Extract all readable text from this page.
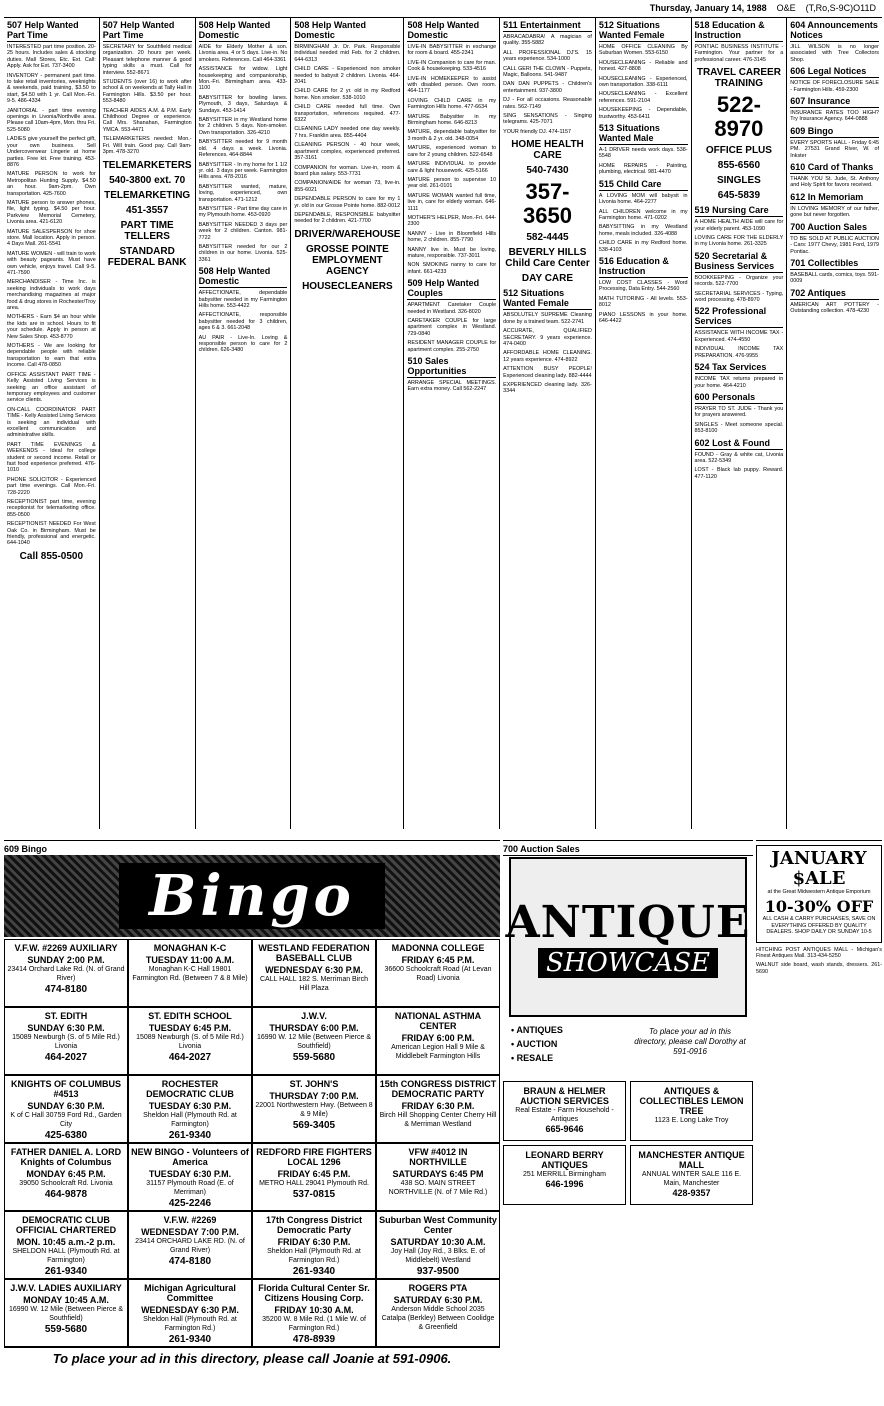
Thursday, January 14, 1988 O&E (T,Ro,S-9C)O11D
507 Help Wanted Part Time
INTERESTED part time position. 20-25 hours. Includes sales & stocking duties. Mall Stores, Etc. Ext. Call: Apply. Ask for Ext. 737-3400
INVENTORY - permanent part time. to take retail inventories, weeknights & weekends, paid training, $3.50 to start, $4.50 with 1 yr. Call Mon.-Fri. 9-5. 486-4334
JANITORIAL - part time evening openings in Livonia/Northville area. Please call 10am-4pm, Mon. thru Fri. 525-5080
LADIES give yourself the perfect gift, your own business. Sell Undercoverwear Lingerie at home parties. Free kit. Free training. 453-8876
MATURE PERSON to work for Metropolitan Hunting Supply. $4.50 an hour. 9am-2pm. Own transportation. 425-7600
MATURE person to answer phones, file, light typing. $4.50 per hour. Parkview Memorial Cemetery, Livonia area. 421-6120
MATURE SALESPERSON for shoe store. Mall location. Apply in person. 4 Days Mall. 261-5541
MATURE WOMEN - will train to work with beauty pageants. Must have own vehicle, enjoys travel. Call 9-5. 471-7590
MERCHANDISER - Time Inc. is seeking individuals to work days merchandising magazines at major food & drug stores in Rochester/Troy area.
MOTHERS - Earn $4 an hour while the kids are in school. Hours to fit your schedule. Apply in person at New Sales Shop. 453-8770
MOTHERS - We are looking for dependable people with reliable transportation to earn that extra income. Call 478-0850
OFFICE ASSISTANT PART TIME - Kelly Assisted Living Services is seeking an office assistant of temporary employees and customer service clients.
ON-CALL COORDINATOR PART TIME - Kelly Assisted Living Services is seeking an individual with excellent communication and administrative skills.
PART TIME EVENINGS & WEEKENDS - Ideal for college student or second income. Retail or fast food experience preferred. 476-1010
PHONE SOLICITOR - Experienced part time evenings. Call Mon.-Fri. 728-2220
RECEPTIONIST part time, evening receptionist for telemarketing office. 855-0500
RECEPTIONIST NEEDED For West Oak Co. in Birmingham. Must be friendly, professional and energetic. 644-1040
Call 855-0500
507 Help Wanted Part Time
SECRETARY for Southfield medical organization. 20 hours per week. Pleasant telephone manner & good typing skills a must. Call for interview. 552-8671
STUDENTS (over 16) to work after school & on weekends at Tally Hall in Farmington Hills. $3.50 per hour. 553-8480
TEACHER AIDES A.M. & P.M. Early Childhood Degree or experience. Call Mrs. Shanahan, Farmington YMCA. 553-4471
TELEMARKETERS needed: Mon.-Fri. Will train. Good pay. Call 9am-3pm. 478-3270
TELEMARKETERS
540-3800 ext. 70
TELEMARKETING
451-3557
PART TIME TELLERS
STANDARD FEDERAL BANK
508 Help Wanted Domestic
AIDE for Elderly Mother & son. Livonia area. 4 or 5 days. Live-in. No smokers. References. Call 464-3361
ASSISTANCE for widow. Light housekeeping and companionship, Mon.-Fri. Birmingham area. 433-1100
BABYSITTER for bowling lanes. Plymouth, 3 days, Saturdays & Sundays. 453-1414
BABYSITTER in my Westland home for 2 children. 5 days. Non-smoker. Own transportation. 326-4210
BABYSITTER needed for 9 month old. 4 days a week. Livonia. References. 464-8844
BABYSITTER - In my home for 1 1/2 yr. old. 3 days per week. Farmington Hills area. 478-2016
BABYSITTER wanted, mature, loving, experienced, own transportation. 471-1212
BABYSITTER - Part time day care in my Plymouth home. 453-0920
BABYSITTER NEEDED 3 days per week for 2 children. Canton. 981-7722
BABYSITTER needed for our 2 children in our home. Livonia. 525-3361
508 Help Wanted Domestic
AFFECTIONATE, dependable babysitter needed in my Farmington Hills home. 553-4422
AFFECTIONATE, responsible babysitter needed for 3 children, ages 6 & 3. 661-2048
AU PAIR - Live-In. Loving & responsible person to care for 2 children. 626-3480
508 Help Wanted Domestic
BIRMINGHAM Jr. Dr. Park. Responsible individual needed mid Feb. for 2 children. 644-6313
CHILD CARE - Experienced non smoker needed to babysit 2 children. Livonia. 464-2041
CHILD CARE for 2 yr. old in my Redford home. Non smoker. 538-1010
CHILD CARE needed full time. Own transportation, references required. 477-6322
CLEANING LADY needed one day weekly. 7 hrs. Franklin area. 855-4404
CLEANING PERSON - 40 hour week, apartment complex, experienced preferred. 357-3161
COMPANION for woman. Live-in, room & board plus salary. 553-7731
COMPANION/AIDE for woman 73, live-in. 855-6021
DEPENDABLE PERSON to care for my 1 yr. old in our Grosse Pointe home. 882-0012
DEPENDABLE, RESPONSIBLE babysitter needed for 2 children. 421-7700
DRIVER/WAREHOUSE
GROSSE POINTE EMPLOYMENT AGENCY
HOUSECLEANERS
508 Help Wanted Domestic
LIVE-IN BABYSITTER in exchange for room & board. 455-2341
LIVE-IN Companion to care for man. Cook & housekeeping. 533-4516
LIVE-IN HOMEKEEPER to assist with disabled person. Own room. 464-1177
LOVING CHILD CARE in my Farmington Hills home. 477-6634
MATURE Babysitter in my Birmingham home. 646-8213
MATURE, dependable babysitter for 3 month & 2 yr. old. 348-0054
MATURE, experienced woman to care for 2 young children. 522-6548
MATURE INDIVIDUAL to provide care & light housework. 425-5166
MATURE person to supervise 10 year old. 261-0101
MATURE WOMAN wanted full time, live in, care for elderly woman. 646-1111
MOTHER'S HELPER, Mon.-Fri. 644-2300
NANNY - Live in Bloomfield Hills home, 2 children. 855-7790
NANNY live in. Must be loving, mature, responsible. 737-3011
NON SMOKING nanny to care for infant. 661-4233
509 Help Wanted Couples
APARTMENT Caretaker Couple needed in Westland. 326-8020
CARETAKER COUPLE for large apartment complex in Westland. 729-0840
RESIDENT MANAGER COUPLE for apartment complex. 255-2750
510 Sales Opportunities
ARRANGE SPECIAL MEETINGS. Earn extra money. Call 562-2247
511 Entertainment
ABRACADABRA! A magician of quality. 355-5882
ALL PROFESSIONAL DJ'S. 15 years experience. 534-1000
CALL GERI THE CLOWN - Puppets, Magic, Balloons. 541-9487
DAN DAN PUPPETS - Children's entertainment. 937-3800
DJ - For all occasions. Reasonable rates. 562-7149
SING SENSATIONS - Singing telegrams. 425-7071
YOUR friendly DJ. 474-1157
HOME HEALTH CARE
540-7430
357-3650
582-4445
BEVERLY HILLS Child Care Center
DAY CARE
512 Situations Wanted Female
ABSOLUTELY SUPREME Cleaning done by a trained team. 522-2741
ACCURATE, QUALIFIED SECRETARY. 9 years experience. 474-0400
AFFORDABLE HOME CLEANING. 12 years experience. 474-8922
ATTENTION BUSY PEOPLE! Experienced cleaning lady. 882-4444
EXPERIENCED cleaning lady. 326-3344
512 Situations Wanted Female
HOME OFFICE CLEANING By Suburban Women. 553-6150
HOUSECLEANING - Reliable and honest. 427-8808
HOUSECLEANING - Experienced, own transportation. 338-6111
HOUSECLEANING - Excellent references. 591-2104
HOUSEKEEPING - Dependable, trustworthy. 453-6411
513 Situations Wanted Male
A-1 DRIVER needs work days. 538-5548
HOME REPAIRS - Painting, plumbing, electrical. 981-4470
515 Child Care
A LOVING MOM will babysit in Livonia home. 464-2277
ALL CHILDREN welcome in my Farmington home. 471-0202
BABYSITTING in my Westland home, meals included. 326-4088
CHILD CARE in my Redford home. 538-4103
516 Education & Instruction
LOW COST CLASSES - Word Processing, Data Entry. 544-2560
MATH TUTORING - All levels. 553-8012
PIANO LESSONS in your home. 646-4422
518 Education & Instruction
PONTIAC BUSINESS INSTITUTE - Farmington. Your partner for a professional career. 476-3145
TRAVEL CAREER TRAINING
522-8970
OFFICE PLUS
855-6560
SINGLES
645-5839
519 Nursing Care
A HOME HEALTH AIDE will care for your elderly parent. 453-1090
LOVING CARE FOR THE ELDERLY in my Livonia home. 261-3325
520 Secretarial & Business Services
BOOKKEEPING - Organize your records. 522-7700
SECRETARIAL SERVICES - Typing, word processing. 478-8970
522 Professional Services
ASSISTANCE WITH INCOME TAX - Experienced. 474-4550
INDIVIDUAL INCOME TAX PREPARATION. 476-9955
524 Tax Services
INCOME TAX returns prepared in your home. 464-4210
600 Personals
PRAYER TO ST. JUDE - Thank you for prayers answered.
SINGLES - Meet someone special. 853-8100
602 Lost & Found
FOUND - Gray & white cat, Livonia area. 522-5349
LOST - Black lab puppy. Reward. 477-1120
604 Announcements Notices
JILL WILSON is no longer associated with Tree Collectors Shop.
606 Legal Notices
NOTICE OF FORECLOSURE SALE - Farmington Hills. 459-2300
607 Insurance
INSURANCE RATES TOO HIGH? Try Insurance Agency. 644-0888
609 Bingo
EVERY SPORTS HALL - Friday 6:45 PM. 27531 Grand River, W. of Inkster
610 Card of Thanks
THANK YOU St. Jude, St. Anthony and Holy Spirit for favors received.
612 In Memoriam
IN LOVING MEMORY of our father, gone but never forgotten.
700 Auction Sales
TO BE SOLD AT PUBLIC AUCTION - Cars: 1977 Chevy, 1981 Ford, 1979 Pontiac.
701 Collectibles
BASEBALL cards, comics, toys. 591-0009
702 Antiques
AMERICAN ART POTTERY - Outstanding collection. 478-4230
609 Bingo
Bingo
V.F.W. #2269 AUXILIARY
SUNDAY 2:00 P.M.
23414 Orchard Lake Rd. (N. of Grand River)
474-8180
MONAGHAN K-C
TUESDAY 11:00 A.M.
Monaghan K-C Hall 19801 Farmington Rd. (Between 7 & 8 Mile)
WESTLAND FEDERATION BASEBALL CLUB
WEDNESDAY 6:30 P.M.
CALL HALL 182 S. Merriman Birch Hill Plaza
MADONNA COLLEGE
FRIDAY 6:45 P.M.
36600 Schoolcraft Road (At Levan Road) Livonia
ST. EDITH
SUNDAY 6:30 P.M.
15089 Newburgh (S. of 5 Mile Rd.) Livonia
464-2027
ST. EDITH SCHOOL
TUESDAY 6:45 P.M.
15089 Newburgh (S. of 5 Mile Rd.) Livonia
464-2027
J.W.V.
THURSDAY 6:00 P.M.
16990 W. 12 Mile (Between Pierce & Southfield)
559-5680
NATIONAL ASTHMA CENTER
FRIDAY 6:00 P.M.
American Legion Hall 9 Mile & Middlebelt Farmington Hills
KNIGHTS OF COLUMBUS #4513
SUNDAY 6:30 P.M.
K of C Hall 30759 Ford Rd., Garden City
425-6380
ROCHESTER DEMOCRATIC CLUB
TUESDAY 6:30 P.M.
Sheldon Hall (Plymouth Rd. at Farmington)
261-9340
ST. JOHN'S
THURSDAY 7:00 P.M.
22001 Northwestern Hwy. (Between 8 & 9 Mile)
569-3405
15th CONGRESS DISTRICT DEMOCRATIC PARTY
FRIDAY 6:30 P.M.
Birch Hill Shopping Center Cherry Hill & Merriman Westland
FATHER DANIEL A. LORD Knights of Columbus
MONDAY 6:45 P.M.
39050 Schoolcraft Rd. Livonia
464-9878
NEW BINGO - Volunteers of America
TUESDAY 6:30 P.M.
31157 Plymouth Road (E. of Merriman)
425-2246
REDFORD FIRE FIGHTERS LOCAL 1296
FRIDAY 6:45 P.M.
METRO HALL 29041 Plymouth Rd.
537-0815
VFW #4012 IN NORTHVILLE
SATURDAYS 6:45 PM
438 SO. MAIN STREET NORTHVILLE (N. of 7 Mile Rd.)
DEMOCRATIC CLUB OFFICIAL CHARTERED
MON. 10:45 a.m.-2 p.m.
SHELDON HALL (Plymouth Rd. at Farmington)
261-9340
V.F.W. #2269
WEDNESDAY 7:00 P.M.
23414 ORCHARD LAKE RD. (N. of Grand River)
474-8180
17th Congress District Democratic Party
FRIDAY 6:30 P.M.
Sheldon Hall (Plymouth Rd. at Farmington Rd.)
261-9340
Suburban West Community Center
SATURDAY 10:30 A.M.
Joy Hall (Joy Rd., 3 Blks. E. of Middlebelt) Westland
937-9500
J.W.V. LADIES AUXILIARY
MONDAY 10:45 A.M.
16990 W. 12 Mile (Between Pierce & Southfield)
559-5680
Michigan Agricultural Committee
WEDNESDAY 6:30 P.M.
Sheldon Hall (Plymouth Rd. at Farmington Rd.)
261-9340
Florida Cultural Center Sr. Citizens Housing Corp.
FRIDAY 10:30 A.M.
35200 W. 8 Mile Rd. (1 Mile W. of Farmington Rd.)
478-8939
ROGERS PTA
SATURDAY 6:30 P.M.
Anderson Middle School 2035 Catalpa (Berkley) Between Coolidge & Greenfield
To place your ad in this directory, please call Joanie at 591-0906.
700 Auction Sales
ANTIQUE
SHOWCASE
• ANTIQUES
• AUCTION
• RESALE
To place your ad in this directory, please call Dorothy at 591-0916
BRAUN & HELMER AUCTION SERVICES
Real Estate - Farm Household - Antiques
665-9646
ANTIQUES & COLLECTIBLES LEMON TREE
1123 E. Long Lake Troy
LEONARD BERRY ANTIQUES
251 MERRILL Birmingham
646-1996
MANCHESTER ANTIQUE MALL
ANNUAL WINTER SALE 116 E. Main, Manchester
428-9357
JANUARY $ALE
at the Great Midwestern Antique Emporium
10-30% OFF
ALL CASH & CARRY PURCHASES, SAVE ON EVERYTHING OFFERED BY QUALITY DEALERS. SHOP DAILY OR SUNDAY 10-5
HITCHING POST ANTIQUES MALL - Michigan's Finest Antiques Mall. 313-434-5250
WALNUT side board, wash stands, dressers. 261-5690
